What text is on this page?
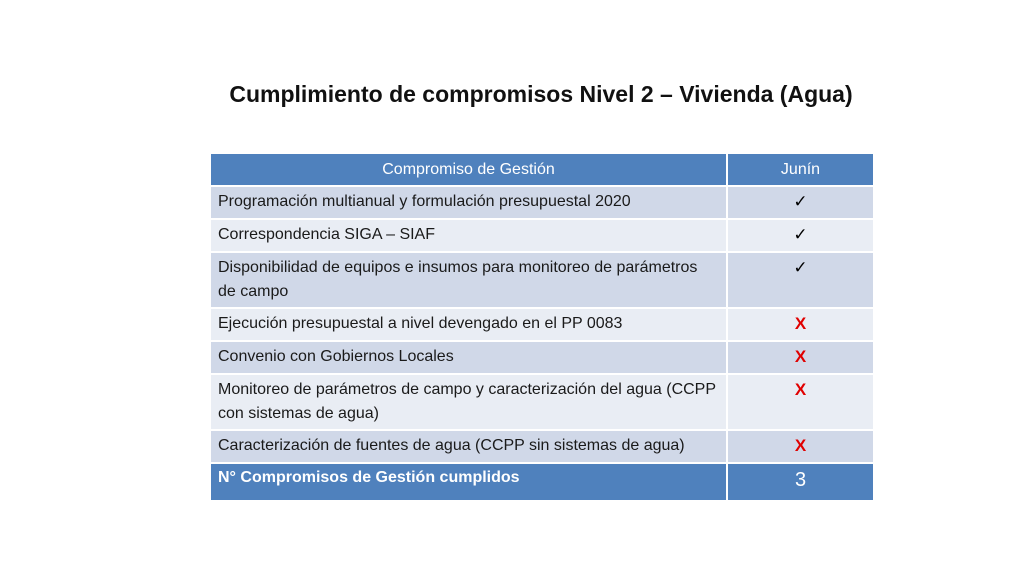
Cumplimiento de compromisos Nivel 2 – Vivienda (Agua)
Compromiso de Gestión	Junín
Programación multianual y formulación presupuestal 2020	✓
Correspondencia SIGA – SIAF	✓
Disponibilidad de equipos e insumos para monitoreo de parámetros de campo	✓
Ejecución presupuestal a nivel devengado en el PP 0083	X
Convenio con Gobiernos Locales	X
Monitoreo de parámetros de campo y caracterización del agua (CCPP con sistemas de agua)	X
Caracterización de fuentes de agua (CCPP sin sistemas de agua)	X
N° Compromisos de Gestión cumplidos	3
